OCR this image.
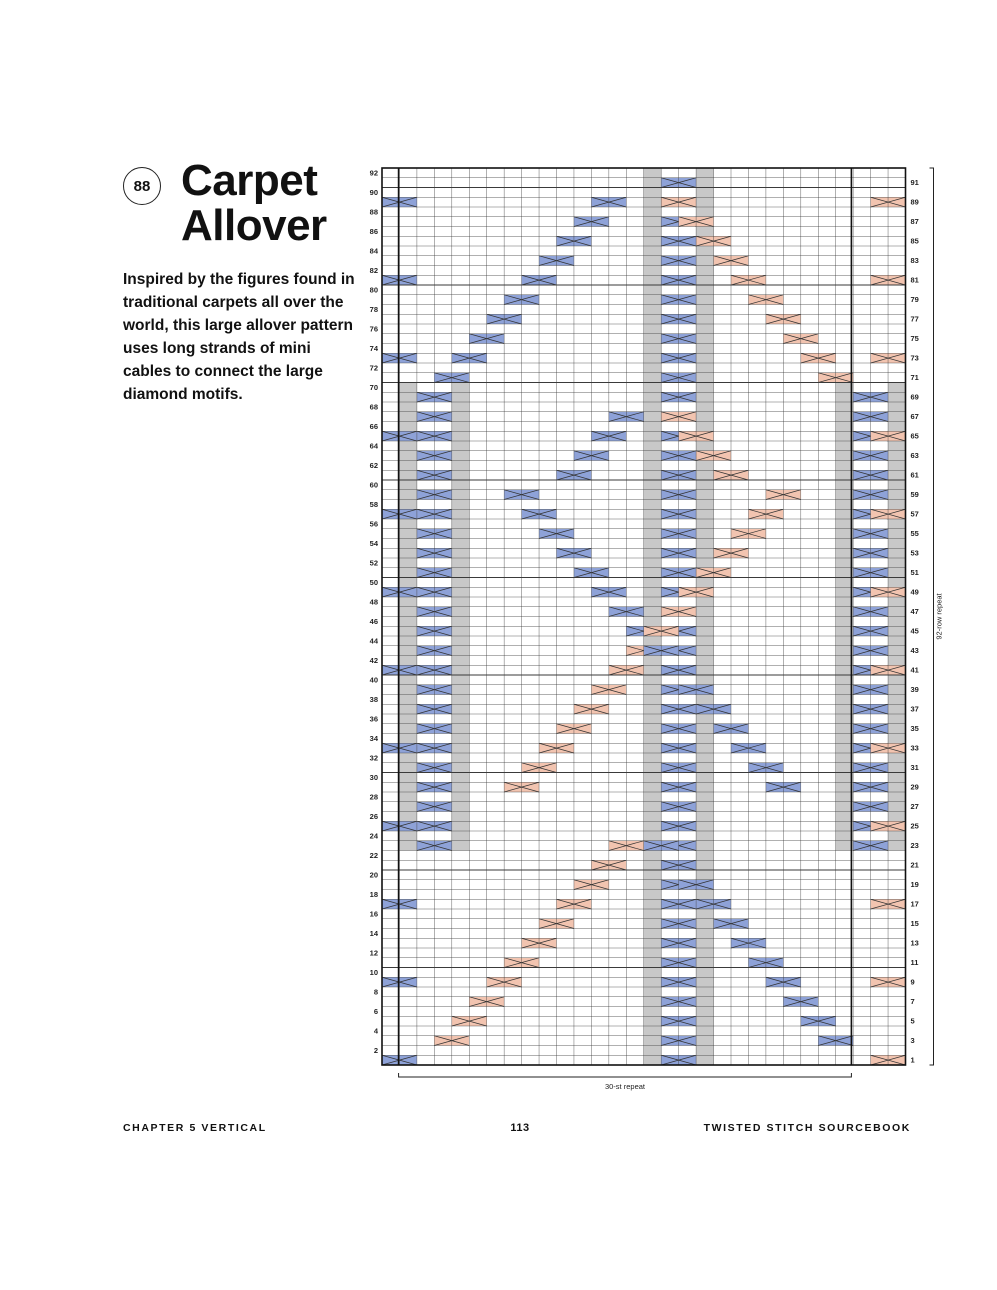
88 Carpet
Allover
Inspired by the figures found in traditional carpets all over the world, this large allover pattern uses long strands of mini cables to connect the large diamond motifs.
2
4
6
8
10
12
14
16
18
20
22
24
26
28
30
32
34
36
38
40
42
44
46
48
50
52
54
56
58
60
62
64
66
68
70
72
74
76
78
80
82
84
86
88
90
92
1
3
5
7
9
11
13
15
17
19
21
23
25
27
29
31
33
35
37
39
41
43
45
47
49
51
53
55
57
59
61
63
65
67
69
71
73
75
77
79
81
83
85
87
89
91
92-row repeat
30-st repeat
CHAPTER 5 VERTICAL	113	TWISTED STITCH SOURCEBOOK
